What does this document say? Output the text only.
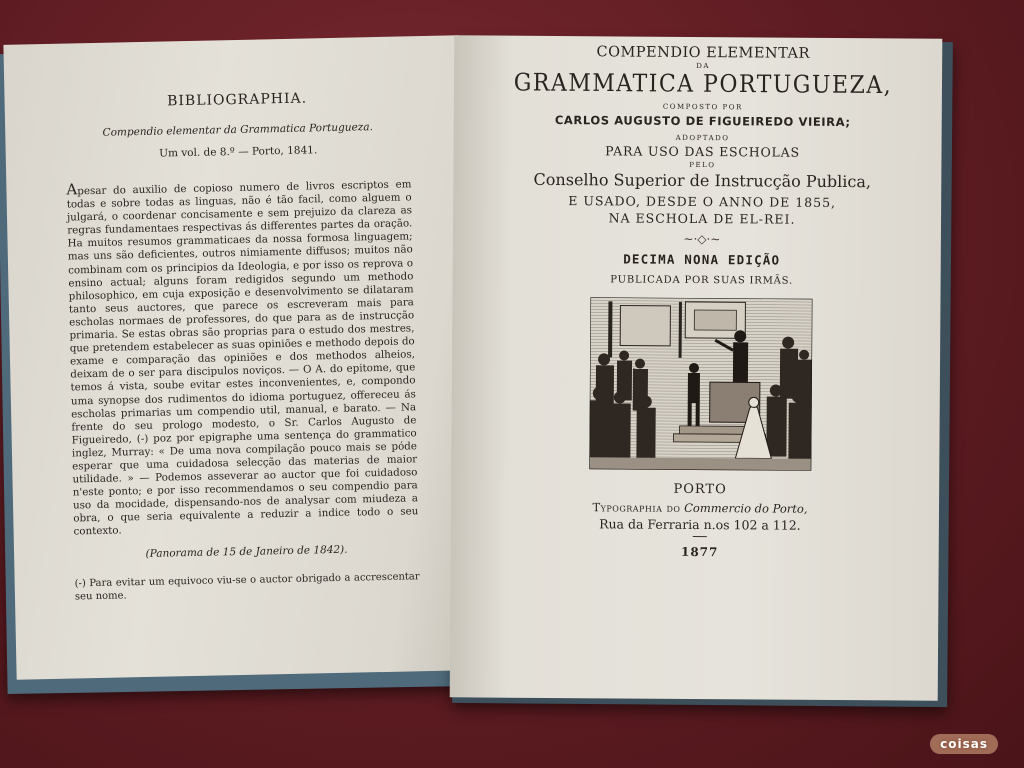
BIBLIOGRAPHIA.

Compendio elementar da Grammatica Portugueza.

Um vol. de 8.º — Porto, 1841.

Apesar do auxilio de copioso numero de livros escriptos em todas e sobre todas as linguas, não é tão facil, como alguem o julgará, o coordenar concisamente e sem prejuizo da clareza as regras fundamentaes respectivas ás differentes partes da oração. Ha muitos resumos grammaticaes da nossa formosa linguagem; mas uns são deficientes, outros nimiamente diffusos; muitos não combinam com os principios da Ideologia, e por isso os reprova o ensino actual; alguns foram redigidos segundo um methodo philosophico, em cuja exposição e desenvolvimento se dilataram tanto seus auctores, que parece os escreveram mais para escholas normaes de professores, do que para as de instrucção primaria. Se estas obras são proprias para o estudo dos mestres, que pretendem estabelecer as suas opiniões e methodo depois do exame e comparação das opiniões e dos methodos alheios, deixam de o ser para discipulos noviços. — O A. do epitome, que temos á vista, soube evitar estes inconvenientes, e, compondo uma synopse dos rudimentos do idioma portuguez, offereceu ás escholas primarias um compendio util, manual, e barato. — Na frente do seu prologo modesto, o Sr. Carlos Augusto de Figueiredo, (-) poz por epigraphe uma sentença do grammatico inglez, Murray: « De uma nova compilação pouco mais se póde esperar que uma cuidadosa selecção das materias de maior utilidade. » — Podemos asseverar ao auctor que foi cuidadoso n'este ponto; e por isso recommendamos o seu compendio para uso da mocidade, dispensando-nos de analysar com miudeza a obra, o que seria equivalente a reduzir a indice todo o seu contexto.

(Panorama de 15 de Janeiro de 1842).

(-) Para evitar um equivoco viu-se o auctor obrigado a accrescentar seu nome.

COMPENDIO ELEMENTAR

DA

GRAMMATICA PORTUGUEZA,

COMPOSTO POR

CARLOS AUGUSTO DE FIGUEIREDO VIEIRA;

ADOPTADO

PARA USO DAS ESCHOLAS

PELO

Conselho Superior de Instrucção Publica,

E USADO, DESDE O ANNO DE 1855,

NA ESCHOLA DE EL-REI.

~·◇·~

DECIMA NONA EDIÇÃO

PUBLICADA POR SUAS IRMÃS.

PORTO

Typographia do Commercio do Porto,

Rua da Ferraria n.os 102 a 112.

1877

coisas
